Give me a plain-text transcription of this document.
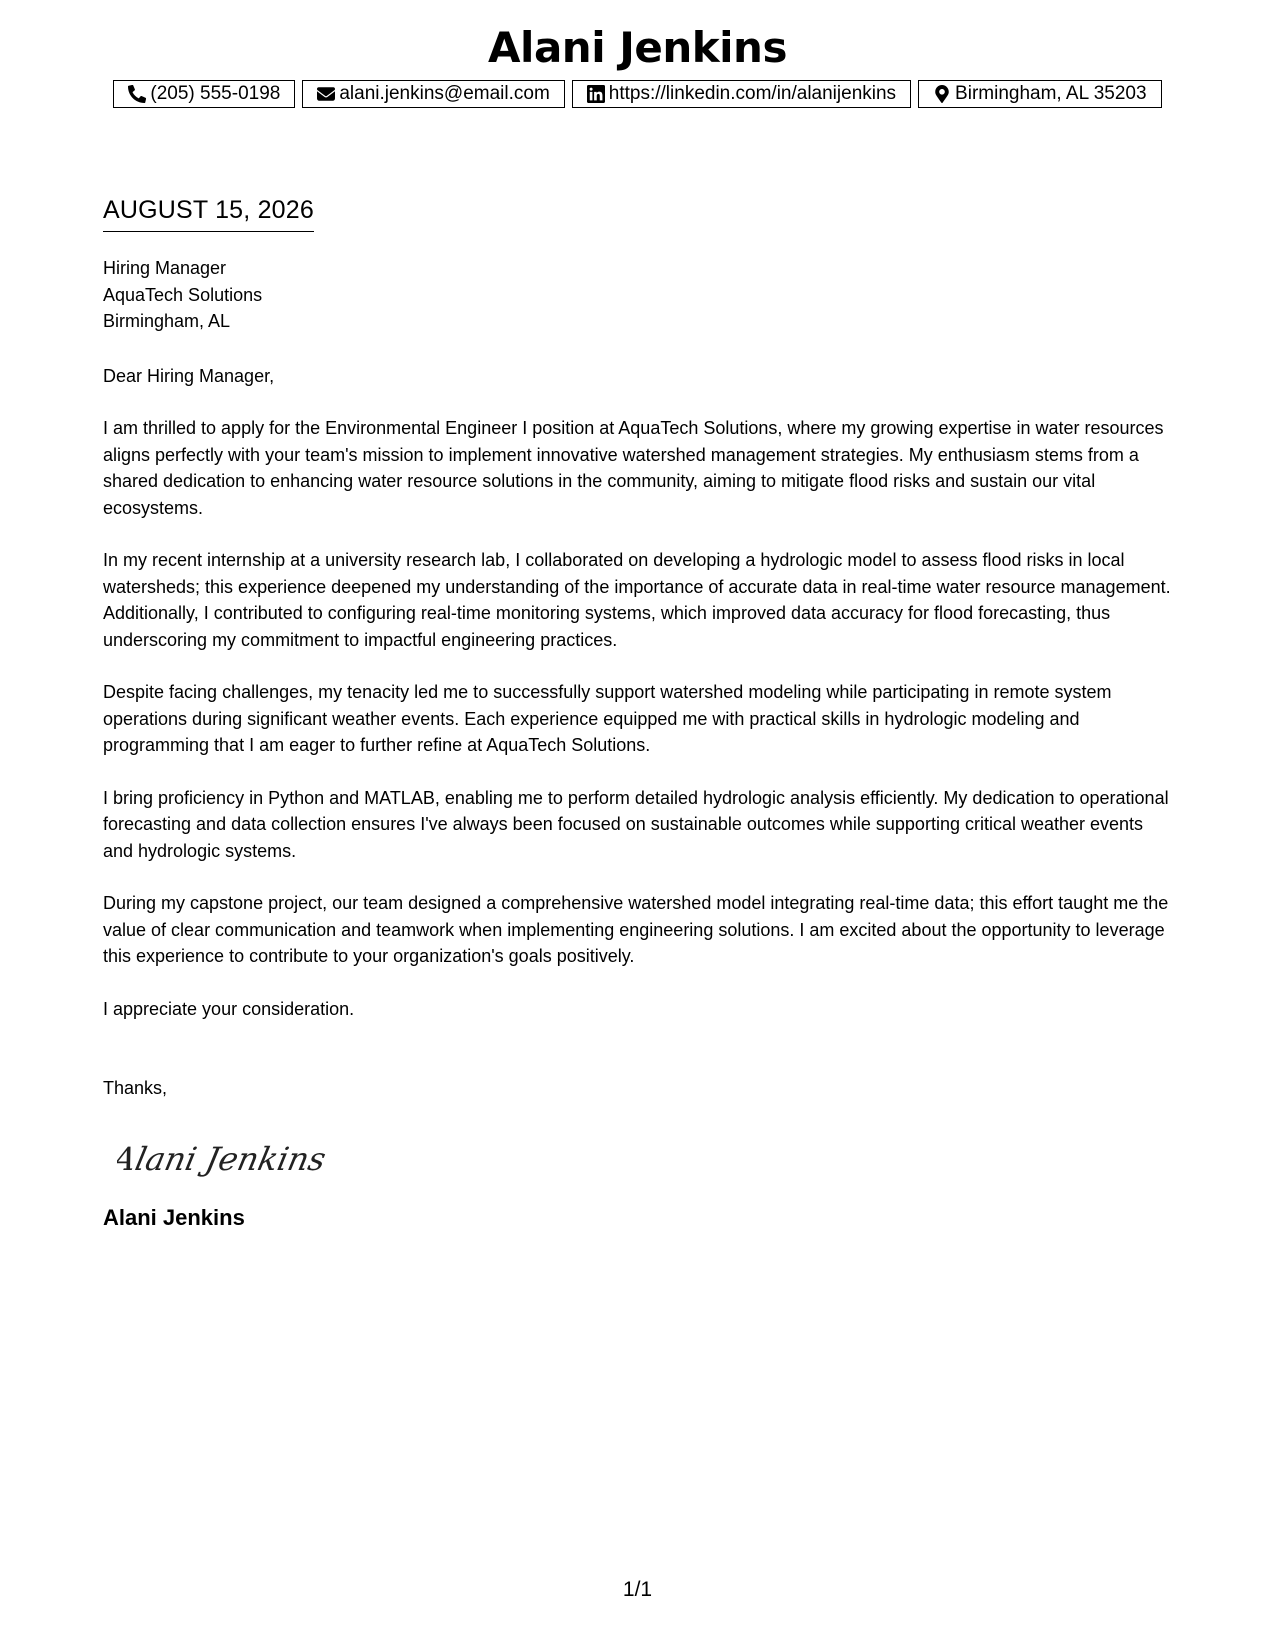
Alani Jenkins
(205) 555-0198	alani.jenkins@email.com	https://linkedin.com/in/alanijenkins	Birmingham, AL 35203
AUGUST 15, 2026
Hiring Manager
AquaTech Solutions
Birmingham, AL

Dear Hiring Manager,

I am thrilled to apply for the Environmental Engineer I position at AquaTech Solutions, where my growing expertise in water resources aligns perfectly with your team's mission to implement innovative watershed management strategies. My enthusiasm stems from a shared dedication to enhancing water resource solutions in the community, aiming to mitigate flood risks and sustain our vital ecosystems.

In my recent internship at a university research lab, I collaborated on developing a hydrologic model to assess flood risks in local watersheds; this experience deepened my understanding of the importance of accurate data in real-time water resource management. Additionally, I contributed to configuring real-time monitoring systems, which improved data accuracy for flood forecasting, thus underscoring my commitment to impactful engineering practices.

Despite facing challenges, my tenacity led me to successfully support watershed modeling while participating in remote system operations during significant weather events. Each experience equipped me with practical skills in hydrologic modeling and programming that I am eager to further refine at AquaTech Solutions.

I bring proficiency in Python and MATLAB, enabling me to perform detailed hydrologic analysis efficiently. My dedication to operational forecasting and data collection ensures I've always been focused on sustainable outcomes while supporting critical weather events and hydrologic systems.

During my capstone project, our team designed a comprehensive watershed model integrating real-time data; this effort taught me the value of clear communication and teamwork when implementing engineering solutions. I am excited about the opportunity to leverage this experience to contribute to your organization's goals positively.

I appreciate your consideration.

Thanks,

Alani Jenkins
Alani Jenkins
1/1
